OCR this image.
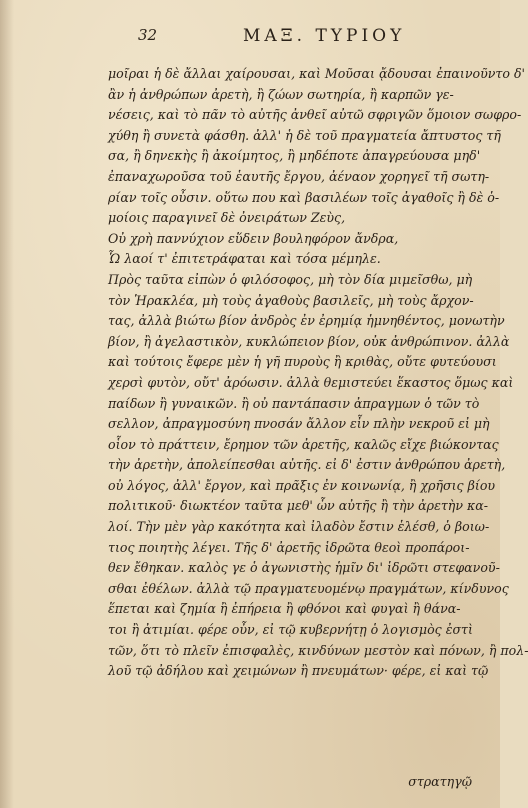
32	ΜΑΞ. ΤΥΡΙΟΥ
μοῖραι ἡ δὲ ἄλλαι χαίρουσαι, καὶ Μοῦσαι ᾄδουσαι ἐπαινοῦντο δ'
ἂν ἡ ἀνθρώπων ἀρετὴ, ἢ ζώων σωτηρία, ἢ καρπῶν γε-
νέσεις, καὶ τὸ πᾶν τὸ αὐτῆς ἀνθεῖ αὐτῶ σφριγῶν ὅμοιον σωφρο-
χύθη ἢ συνετὰ φάσθη. ἀλλ' ἡ δὲ τοῦ πραγματεία ἄπτυστος τῆ
σα, ἢ δηνεκὴς ἢ ἀκοίμητος, ἢ μηδέποτε ἀπαγρεύουσα μηδ'
ἐπαναχωροῦσα τοῦ ἑαυτῆς ἔργου, ἀέναον χορηγεῖ τῆ σωτη-
ρίαν τοῖς οὖσιν. οὕτω που καὶ βασιλέων τοῖς ἀγαθοῖς ἢ δὲ ὁ-
μοίοις παραγινεῖ δὲ ὀνειράτων Ζεὺς,
Οὐ χρὴ παννύχιον εὕδειν βουληφόρον ἄνδρα,
Ὧ λαοί τ' ἐπιτετράφαται καὶ τόσα μέμηλε.
Πρὸς ταῦτα εἰπὼν ὁ φιλόσοφος, μὴ τὸν δία μιμεῖσθω, μὴ
τὸν Ἡρακλέα, μὴ τοὺς ἀγαθοὺς βασιλεῖς, μὴ τοὺς ἄρχον-
τας, ἀλλὰ βιώτω βίον ἀνδρὸς ἐν ἐρημίᾳ ἡμνηθέντος, μονωτὴν
βίον, ἢ ἀγελαστικὸν, κυκλώπειον βίον, οὐκ ἀνθρώπινον. ἀλλὰ
καὶ τούτοις ἔφερε μὲν ἡ γῆ πυροὺς ἢ κριθὰς, οὔτε φυτεύουσι
χερσὶ φυτὸν, οὔτ' ἀρόωσιν. ἀλλὰ θεμιστεύει ἕκαστος ὅμως καὶ
παίδων ἢ γυναικῶν. ἢ οὐ παντάπασιν ἀπραγμων ὁ τῶν τὸ
σελλον, ἀπραγμοσύνη πνοσάν ἄλλον εἶν πλὴν νεκροῦ εἰ μὴ
οἷον τὸ πράττειν, ἔρημον τῶν ἀρετῆς, καλῶς εἴχε βιώκοντας
τὴν ἀρετὴν, ἀπολείπεσθαι αὐτῆς. εἰ δ' ἐστιν ἀνθρώπου ἀρετὴ,
οὐ λόγος, ἀλλ' ἔργον, καὶ πρᾶξις ἐν κοινωνίᾳ, ἢ χρῆσις βίου
πολιτικοῦ· διωκτέον ταῦτα μεθ' ὧν αὐτῆς ἢ τὴν ἀρετὴν κα-
λοί. Τὴν μὲν γὰρ κακότητα καὶ ἰλαδὸν ἔστιν ἑλέσθ, ὁ βοιω-
τιος ποιητὴς λέγει. Τῆς δ' ἀρετῆς ἱδρῶτα θεοὶ προπάροι-
θεν ἔθηκαν. καλὸς γε ὁ ἀγωνιστὴς ἡμῖν δι' ἱδρῶτι στεφανοῦ-
σθαι ἐθέλων. ἀλλὰ τῷ πραγματευομένῳ πραγμάτων, κίνδυνος
ἕπεται καὶ ζημία ἢ ἐπήρεια ἢ φθόνοι καὶ φυγαὶ ἢ θάνα-
τοι ἢ ἀτιμίαι. φέρε οὖν, εἰ τῷ κυβερνήτῃ ὁ λογισμὸς ἐστὶ
τῶν, ὅτι τὸ πλεῖν ἐπισφαλὲς, κινδύνων μεστὸν καὶ πόνων, ἢ πολ-
λοῦ τῷ ἀδήλου καὶ χειμώνων ἢ πνευμάτων· φέρε, εἰ καὶ τῷ
στρατηγῷ
